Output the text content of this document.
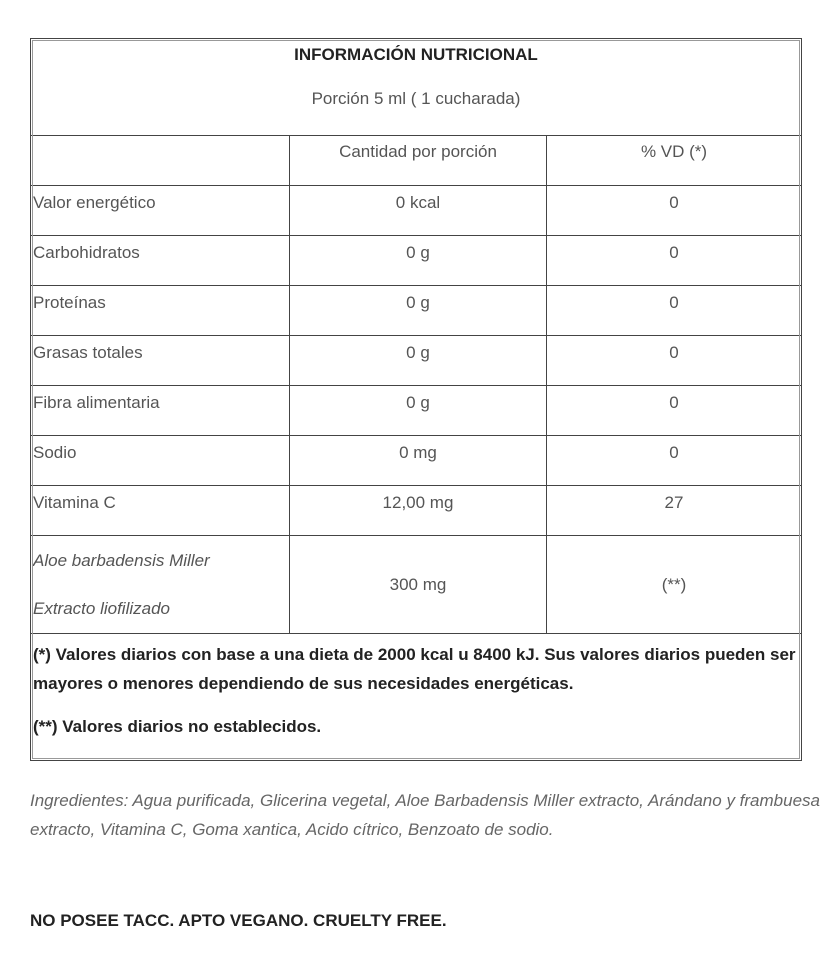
INFORMACIÓN NUTRICIONAL
Porción 5 ml ( 1 cucharada)		

	Cantidad por porción	% VD (*)

Valor energético	0 kcal	0

Carbohidratos	0 g	0

Proteínas	0 g	0

Grasas totales	0 g	0

Fibra alimentaria	0 g	0

Sodio	0 mg	0

Vitamina C	12,00 mg	27

Aloe barbadensis Miller
Extracto liofilizado	300 mg	(**)

(*) Valores diarios con base a una dieta de 2000 kcal u 8400 kJ. Sus valores diarios pueden ser mayores o menores dependiendo de sus necesidades energéticas.
(**) Valores diarios no establecidos.		
Ingredientes: Agua purificada, Glicerina vegetal, Aloe Barbadensis Miller extracto, Arándano y frambuesa extracto, Vitamina C, Goma xantica, Acido cítrico, Benzoato de sodio.
NO POSEE TACC. APTO VEGANO. CRUELTY FREE.
